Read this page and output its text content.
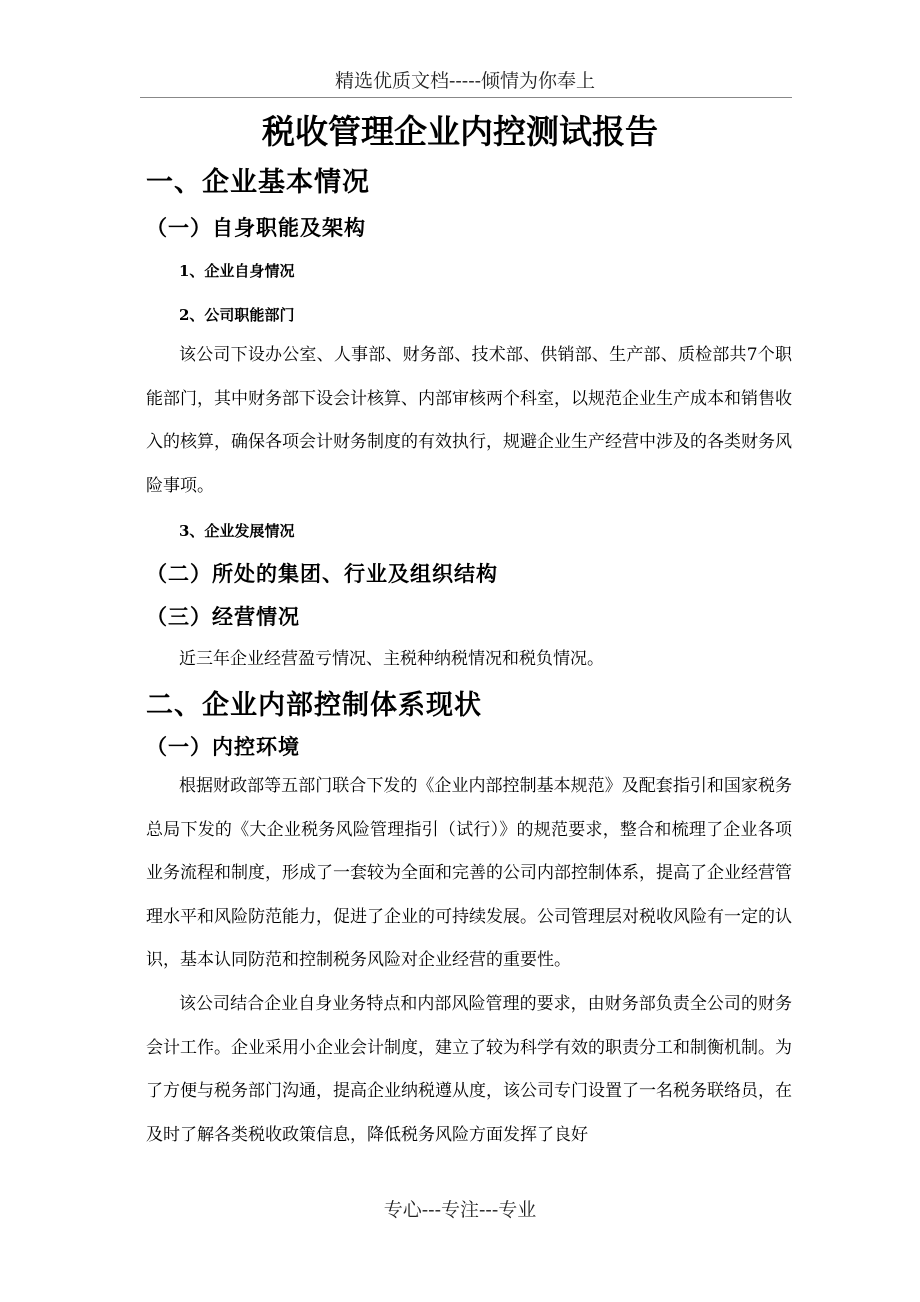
精选优质文档-----倾情为你奉上
税收管理企业内控测试报告
一、企业基本情况
（一）自身职能及架构
1、企业自身情况
2、公司职能部门

该公司下设办公室、人事部、财务部、技术部、供销部、生产部、质检部共7个职能部门，其中财务部下设会计核算、内部审核两个科室，以规范企业生产成本和销售收入的核算，确保各项会计财务制度的有效执行，规避企业生产经营中涉及的各类财务风险事项。

3、企业发展情况
（二）所处的集团、行业及组织结构
（三）经营情况

近三年企业经营盈亏情况、主税种纳税情况和税负情况。

二、企业内部控制体系现状
（一）内控环境

根据财政部等五部门联合下发的《企业内部控制基本规范》及配套指引和国家税务总局下发的《大企业税务风险管理指引（试行）》的规范要求，整合和梳理了企业各项业务流程和制度，形成了一套较为全面和完善的公司内部控制体系，提高了企业经营管理水平和风险防范能力，促进了企业的可持续发展。公司管理层对税收风险有一定的认识，基本认同防范和控制税务风险对企业经营的重要性。

该公司结合企业自身业务特点和内部风险管理的要求，由财务部负责全公司的财务会计工作。企业采用小企业会计制度，建立了较为科学有效的职责分工和制衡机制。为了方便与税务部门沟通，提高企业纳税遵从度，该公司专门设置了一名税务联络员，在及时了解各类税收政策信息，降低税务风险方面发挥了良好

专心---专注---专业
